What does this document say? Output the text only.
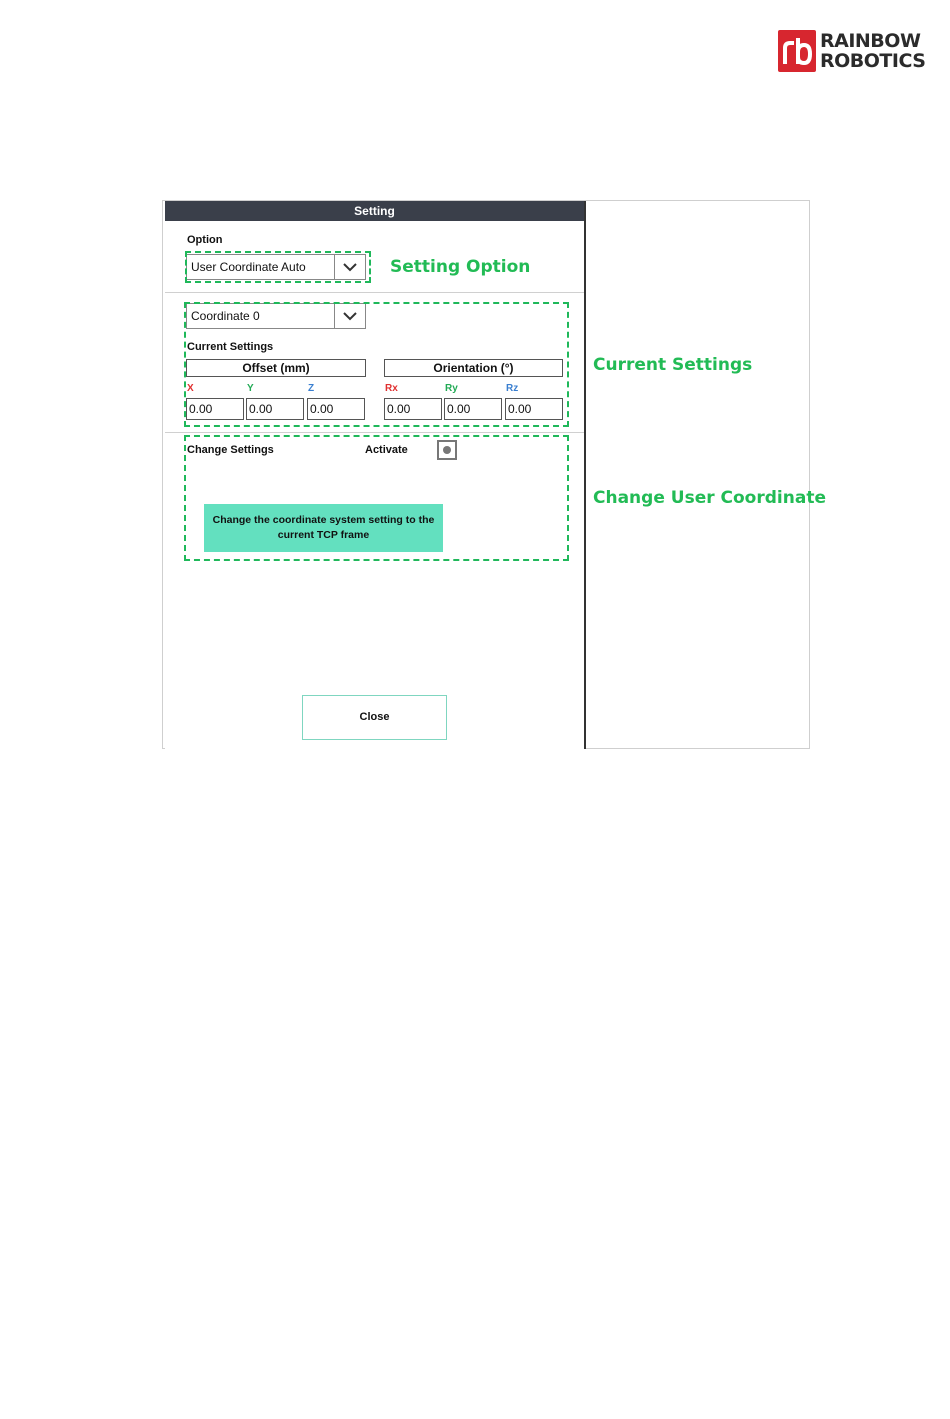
RAINBOW
ROBOTICS
Setting
Option
User Coordinate Auto
Coordinate 0
Current Settings
Offset (mm)	Orientation (°)
X	Y	Z	Rx	Ry	Rz
0.00	0.00	0.00	0.00	0.00	0.00
Change Settings	Activate
Change the coordinate system setting to the current TCP frame
Close
Setting Option
Current Settings
Change User Coordinate
